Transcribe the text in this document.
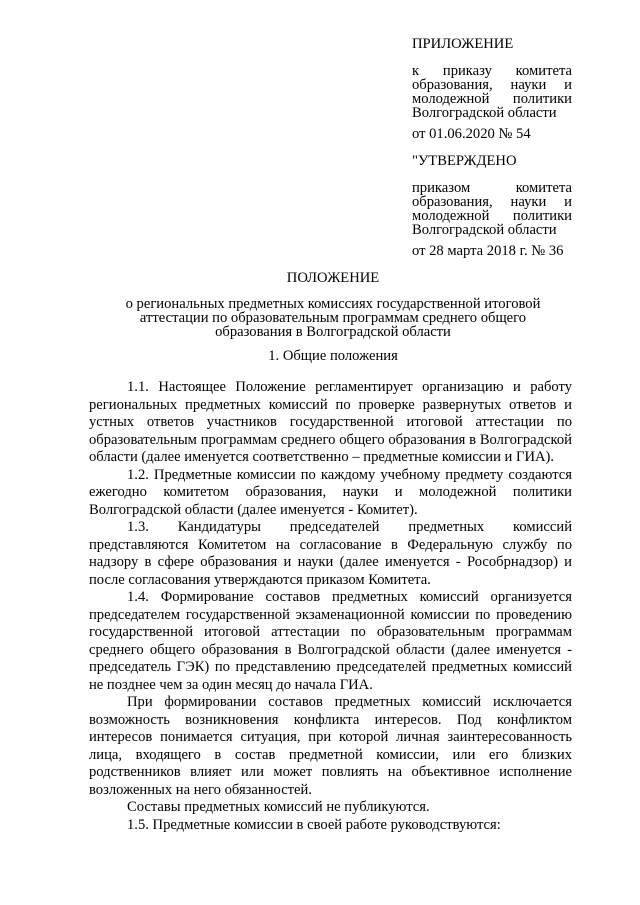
ПРИЛОЖЕНИЕ
к приказу комитета образования, науки и молодежной политики Волгоградской области
от 01.06.2020 № 54
"УТВЕРЖДЕНО
приказом комитета образования, науки и молодежной политики Волгоградской области
от 28 марта 2018 г. № 36
ПОЛОЖЕНИЕ
о региональных предметных комиссиях государственной итоговой аттестации по образовательным программам среднего общего образования в Волгоградской области
1. Общие положения

1.1. Настоящее Положение регламентирует организацию и работу региональных предметных комиссий по проверке развернутых ответов и устных ответов участников государственной итоговой аттестации по образовательным программам среднего общего образования в Волгоградской области (далее именуется соответственно – предметные комиссии и ГИА).

1.2. Предметные комиссии по каждому учебному предмету создаются ежегодно комитетом образования, науки и молодежной политики Волгоградской области (далее именуется - Комитет).

1.3. Кандидатуры председателей предметных комиссий представляются Комитетом на согласование в Федеральную службу по надзору в сфере образования и науки (далее именуется - Рособрнадзор) и после согласования утверждаются приказом Комитета.

1.4. Формирование составов предметных комиссий организуется председателем государственной экзаменационной комиссии по проведению государственной итоговой аттестации по образовательным программам среднего общего образования в Волгоградской области (далее именуется - председатель ГЭК) по представлению председателей предметных комиссий не позднее чем за один месяц до начала ГИА.

При формировании составов предметных комиссий исключается возможность возникновения конфликта интересов. Под конфликтом интересов понимается ситуация, при которой личная заинтересованность лица, входящего в состав предметной комиссии, или его близких родственников влияет или может повлиять на объективное исполнение возложенных на него обязанностей.

Составы предметных комиссий не публикуются.

1.5. Предметные комиссии в своей работе руководствуются:
